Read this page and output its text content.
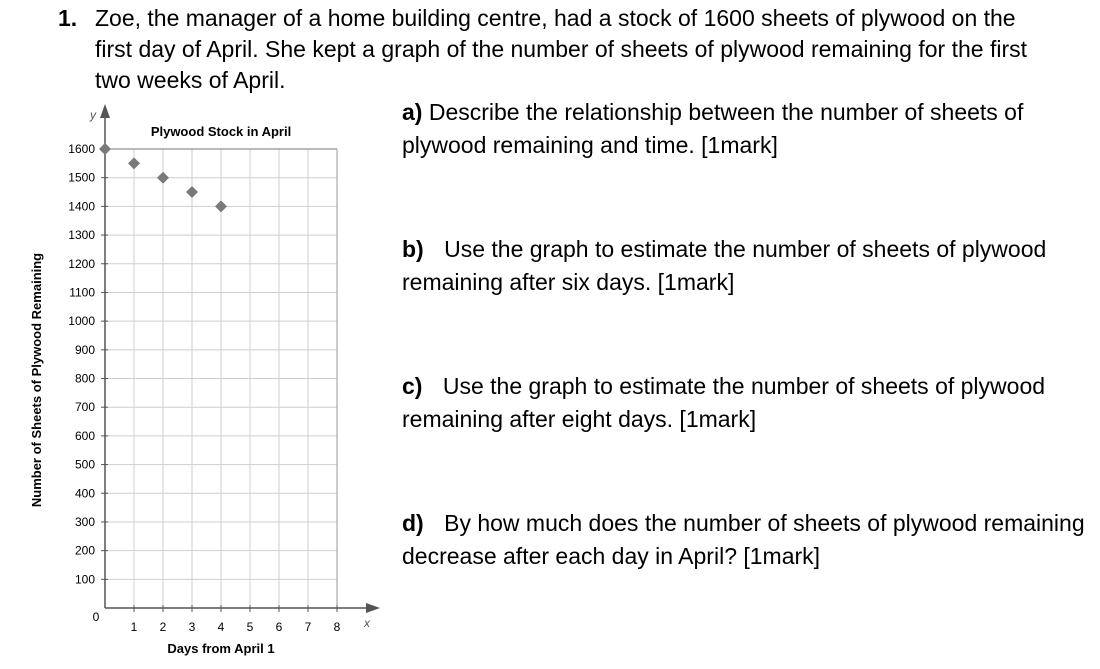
1. Zoe, the manager of a home building centre, had a stock of 1600 sheets of plywood on the first day of April. She kept a graph of the number of sheets of plywood remaining for the first two weeks of April.
100
200
300
400
500
600
700
800
900
1000
1100
1200
1300
1400
1500
1600
1 2 3 4 5 6 7 8
Plywood Stock in April
Days from April 1
Number of Sheets of Plywood Remaining
y
x
0
a) Describe the relationship between the number of sheets of plywood remaining and time. [1mark]
b) Use the graph to estimate the number of sheets of plywood remaining after six days. [1mark]
c) Use the graph to estimate the number of sheets of plywood remaining after eight days. [1mark]
d) By how much does the number of sheets of plywood remaining decrease after each day in April? [1mark]
